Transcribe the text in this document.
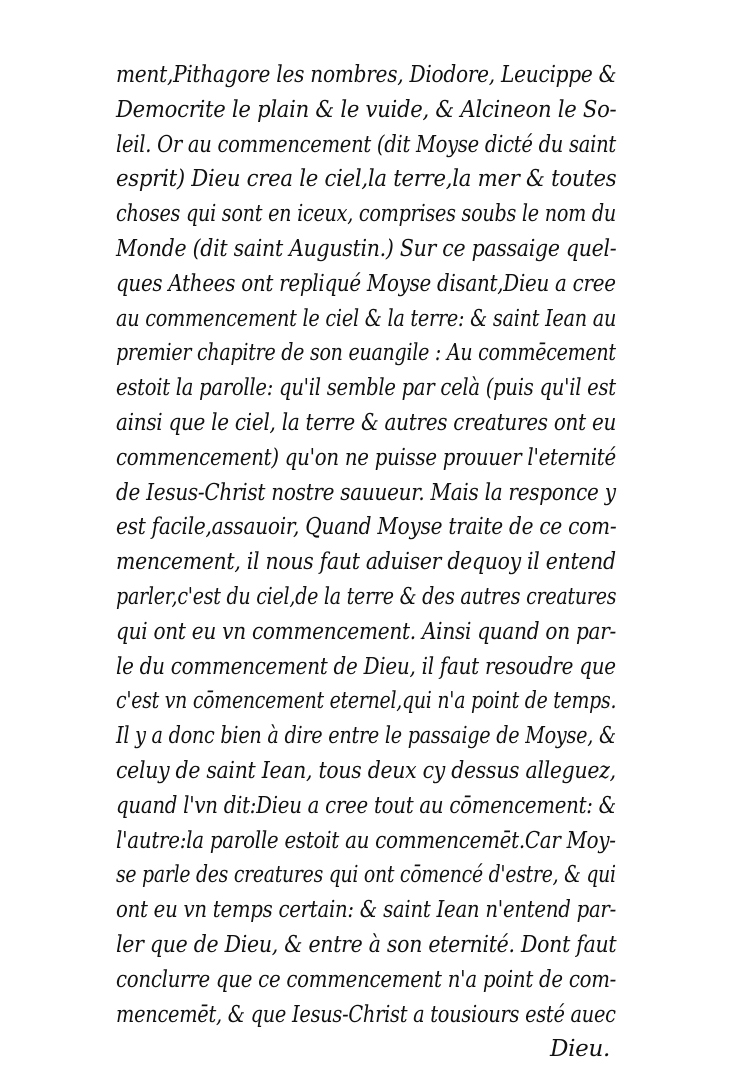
ment,Pithagore les nombres, Diodore, Leucippe &
Democrite le plain & le vuide, & Alcineon le So-
leil. Or au commencement (dit Moyse dicté du saint
esprit) Dieu crea le ciel,la terre,la mer & toutes
choses qui sont en iceux, comprises soubs le nom du
Monde (dit saint Augustin.) Sur ce passaige quel-
ques Athees ont repliqué Moyse disant,Dieu a cree
au commencement le ciel & la terre: & saint Iean au
premier chapitre de son euangile : Au commēcement
estoit la parolle: qu'il semble par celà (puis qu'il est
ainsi que le ciel, la terre & autres creatures ont eu
commencement) qu'on ne puisse prouuer l'eternité
de Iesus-Christ nostre sauueur. Mais la responce y
est facile,assauoir, Quand Moyse traite de ce com-
mencement, il nous faut aduiser dequoy il entend
parler,c'est du ciel,de la terre & des autres creatures
qui ont eu vn commencement. Ainsi quand on par-
le du commencement de Dieu, il faut resoudre que
c'est vn cōmencement eternel,qui n'a point de temps.
Il y a donc bien à dire entre le passaige de Moyse, &
celuy de saint Iean, tous deux cy dessus alleguez,
quand l'vn dit:Dieu a cree tout au cōmencement: &
l'autre:la parolle estoit au commencemēt.Car Moy-
se parle des creatures qui ont cōmencé d'estre, & qui
ont eu vn temps certain: & saint Iean n'entend par-
ler que de Dieu, & entre à son eternité. Dont faut
conclurre que ce commencement n'a point de com-
mencemēt, & que Iesus-Christ a tousiours esté auec
Dieu.
